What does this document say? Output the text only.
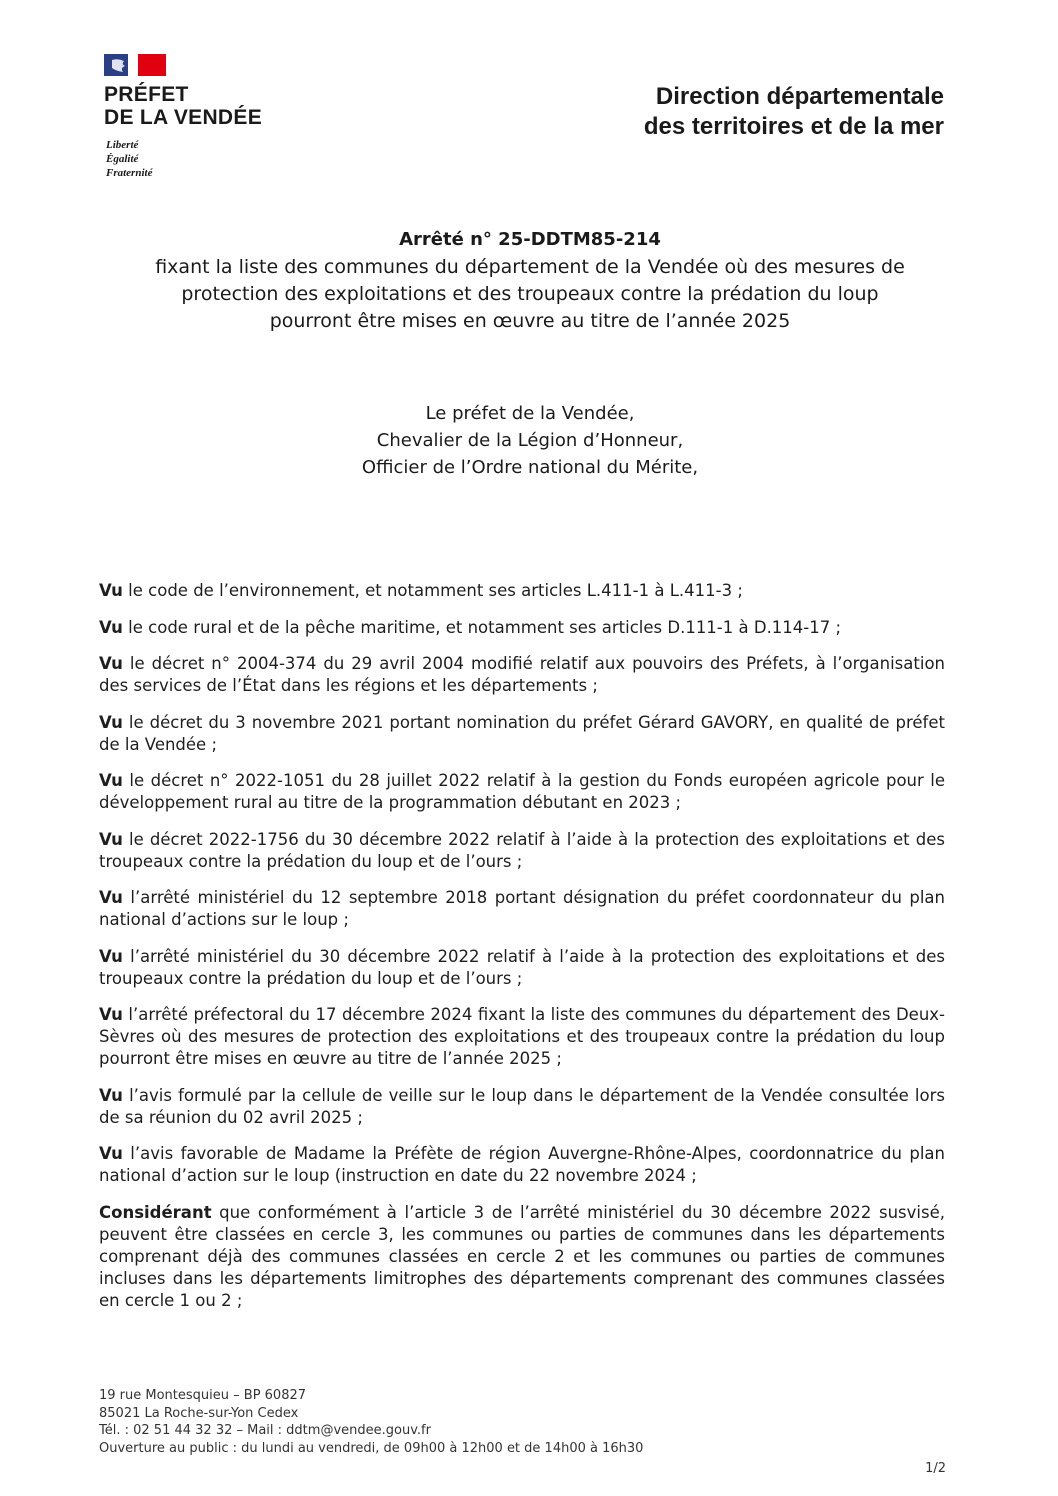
PRÉFET
DE LA VENDÉE
Liberté
Égalité
Fraternité
Direction départementale
des territoires et de la mer
Arrêté n° 25-DDTM85-214
fixant la liste des communes du département de la Vendée où des mesures de
protection des exploitations et des troupeaux contre la prédation du loup
pourront être mises en œuvre au titre de l’année 2025
Le préfet de la Vendée,
Chevalier de la Légion d’Honneur,
Officier de l’Ordre national du Mérite,

Vu le code de l’environnement, et notamment ses articles L.411-1 à L.411-3 ;

Vu le code rural et de la pêche maritime, et notamment ses articles D.111-1 à D.114-17 ;

Vu le décret n° 2004-374 du 29 avril 2004 modifié relatif aux pouvoirs des Préfets, à l’organisation des services de l’État dans les régions et les départements ;

Vu le décret du 3 novembre 2021 portant nomination du préfet Gérard GAVORY, en qualité de préfet de la Vendée ;

Vu le décret n° 2022-1051 du 28 juillet 2022 relatif à la gestion du Fonds européen agricole pour le développement rural au titre de la programmation débutant en 2023 ;

Vu le décret 2022-1756 du 30 décembre 2022 relatif à l’aide à la protection des exploitations et des troupeaux contre la prédation du loup et de l’ours ;

Vu l’arrêté ministériel du 12 septembre 2018 portant désignation du préfet coordonnateur du plan national d’actions sur le loup ;

Vu l’arrêté ministériel du 30 décembre 2022 relatif à l’aide à la protection des exploitations et des troupeaux contre la prédation du loup et de l’ours ;

Vu l’arrêté préfectoral du 17 décembre 2024 fixant la liste des communes du département des Deux-Sèvres où des mesures de protection des exploitations et des troupeaux contre la prédation du loup pourront être mises en œuvre au titre de l’année 2025 ;

Vu l’avis formulé par la cellule de veille sur le loup dans le département de la Vendée consultée lors de sa réunion du 02 avril 2025 ;

Vu l’avis favorable de Madame la Préfète de région Auvergne-Rhône-Alpes, coordonnatrice du plan national d’action sur le loup (instruction en date du 22 novembre 2024 ;

Considérant que conformément à l’article 3 de l’arrêté ministériel du 30 décembre 2022 susvisé, peuvent être classées en cercle 3, les communes ou parties de communes dans les départements comprenant déjà des communes classées en cercle 2 et les communes ou parties de communes incluses dans les départements limitrophes des départements comprenant des communes classées en cercle 1 ou 2 ;

19 rue Montesquieu – BP 60827
85021 La Roche-sur-Yon Cedex
Tél. : 02 51 44 32 32 – Mail : ddtm@vendee.gouv.fr
Ouverture au public : du lundi au vendredi, de 09h00 à 12h00 et de 14h00 à 16h30
1/2
